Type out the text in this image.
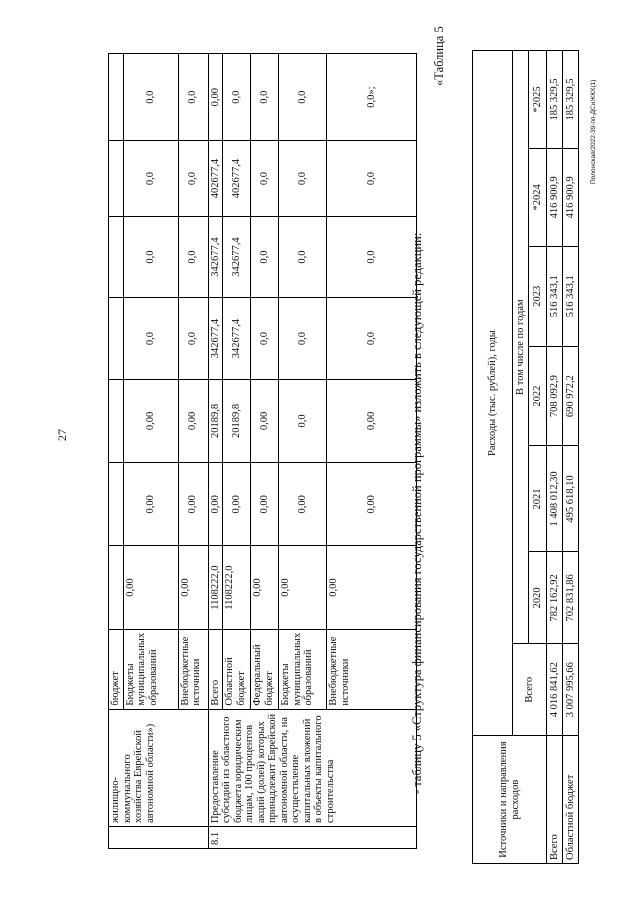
27
	жилищно-коммунального хозяйства Еврейской автономной области»)	бюджет							
		Бюджеты муниципальных образований	0,00	0,00	0,00	0,0	0,0	0,0	0,0
		Внебюджетные источники	0,00	0,00	0,00	0,0	0,0	0,0	0,0
8.1	Предоставление субсидий из областного бюджета юридическим лицам, 100 процентов акций (долей) которых принадлежит Еврейской автономной области, на осуществление капитальных вложений в объекты капитального строительства	Всего	1108222,0	0,00	20189,8	342677,4	342677,4	402677,4	0,00
		Областной бюджет	1108222,0	0,00	20189,8	342677,4	342677,4	402677,4	0,0
		Федеральный бюджет	0,00	0,00	0,00	0,0	0,0	0,0	0,0
		Бюджеты муниципальных образований	0,00	0,00	0,0	0,0	0,0	0,0	0,0
		Внебюджетные источники	0,00	0,00	0,00	0,0	0,0	0,0	0,0»;
- таблицу 5 «Структура финансирования государственной программы» изложить в следующей редакции:
«Таблица 5
Источники и направления расходов	Расходы (тыс. рублей), годы						
	Всего	В том числе по годам					
		2020	2021	2022	2023	*2024	*2025
Всего	4 016 841,62	782 162,92	1 408 012,30	708 092,9	516 343,1	416 900,9	185 329,5
Областной бюджет	3 007 995,66	702 831,86	495 618,10	690 972,2	516 343,1	416 900,9	185 329,5 Полонская/2022-39-пп-ДСиЖКХ(1)
